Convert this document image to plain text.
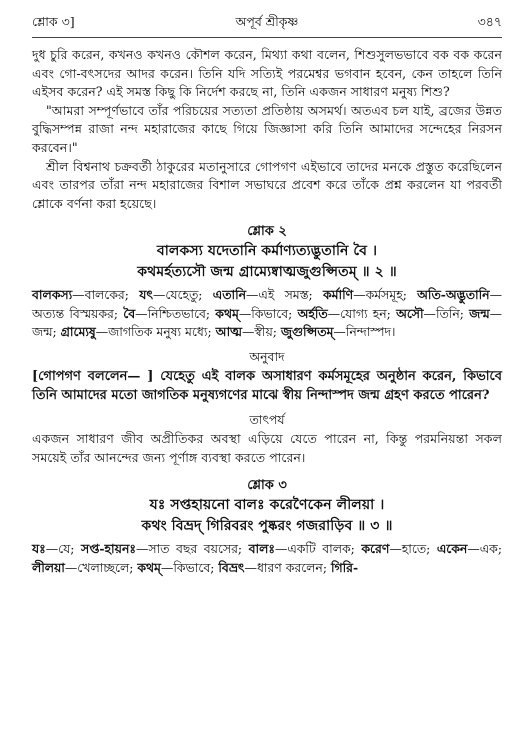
শ্লোক ৩]	অপূর্ব শ্রীকৃষ্ণ	৩৪৭

দুধ চুরি করেন, কখনও কখনও কৌশল করেন, মিথ্যা কথা বলেন, শিশুসুলভভাবে বক বক করেন এবং গো-বৎসদের আদর করেন। তিনি যদি সত্যিই পরমেশ্বর ভগবান হবেন, কেন তাহলে তিনি এইসব করেন? এই সমস্ত কিছু কি নির্দেশ করছে না, তিনি একজন সাধারণ মনুষ্য শিশু?

"আমরা সম্পূর্ণভাবে তাঁর পরিচয়ের সত্যতা প্রতিষ্ঠায় অসমর্থ। অতএব চল যাই, ব্রজের উন্নত বুদ্ধিসম্পন্ন রাজা নন্দ মহারাজের কাছে গিয়ে জিজ্ঞাসা করি তিনি আমাদের সন্দেহের নিরসন করবেন।"

শ্রীল বিশ্বনাথ চক্রবর্তী ঠাকুরের মতানুসারে গোপগণ এইভাবে তাদের মনকে প্রস্তুত করেছিলেন এবং তারপর তাঁরা নন্দ মহারাজের বিশাল সভাঘরে প্রবেশ করে তাঁকে প্রশ্ন করলেন যা পরবর্তী শ্লোকে বর্ণনা করা হয়েছে।

শ্লোক ২
বালকস্য যদেতানি কর্মাণ্যত্যদ্ভুতানি বৈ ।
কথমর্হত্যসৌ জন্ম গ্রাম্যেষ্বাত্মজুগুপ্সিতম্ ॥ ২ ॥

বালকস্য—বালকের; যৎ—যেহেতু; এতানি—এই সমস্ত; কর্মাণি—কর্মসমূহ; অতি-অদ্ভুতানি—অত্যন্ত বিস্ময়কর; বৈ—নিশ্চিতভাবে; কথম্—কিভাবে; অর্হতি—যোগ্য হন; অসৌ—তিনি; জন্ম—জন্ম; গ্রাম্যেষু—জাগতিক মনুষ্য মধ্যে; আত্ম—স্বীয়; জুগুপ্সিতম্—নিন্দাস্পদ।

অনুবাদ

[গোপগণ বললেন— ] যেহেতু এই বালক অসাধারণ কর্মসমূহের অনুষ্ঠান করেন, কিভাবে তিনি আমাদের মতো জাগতিক মনুষ্যগণের মাঝে স্বীয় নিন্দাস্পদ জন্ম গ্রহণ করতে পারেন?

তাৎপর্য

একজন সাধারণ জীব অপ্রীতিকর অবস্থা এড়িয়ে যেতে পারেন না, কিন্তু পরমনিয়ন্তা সকল সময়েই তাঁর আনন্দের জন্য পূর্ণাঙ্গ ব্যবস্থা করতে পারেন।

শ্লোক ৩
যঃ সপ্তহায়নো বালঃ করেণৈকেন লীলয়া ।
কথং বিভ্রদ্ গিরিবরং পুষ্করং গজরাড়িব ॥ ৩ ॥

যঃ—যে; সপ্ত-হায়নঃ—সাত বছর বয়সের; বালঃ—একটি বালক; করেণ—হাতে; একেন—এক; লীলয়া—খেলাচ্ছলে; কথম্—কিভাবে; বিভ্রৎ—ধারণ করলেন; গিরি-
